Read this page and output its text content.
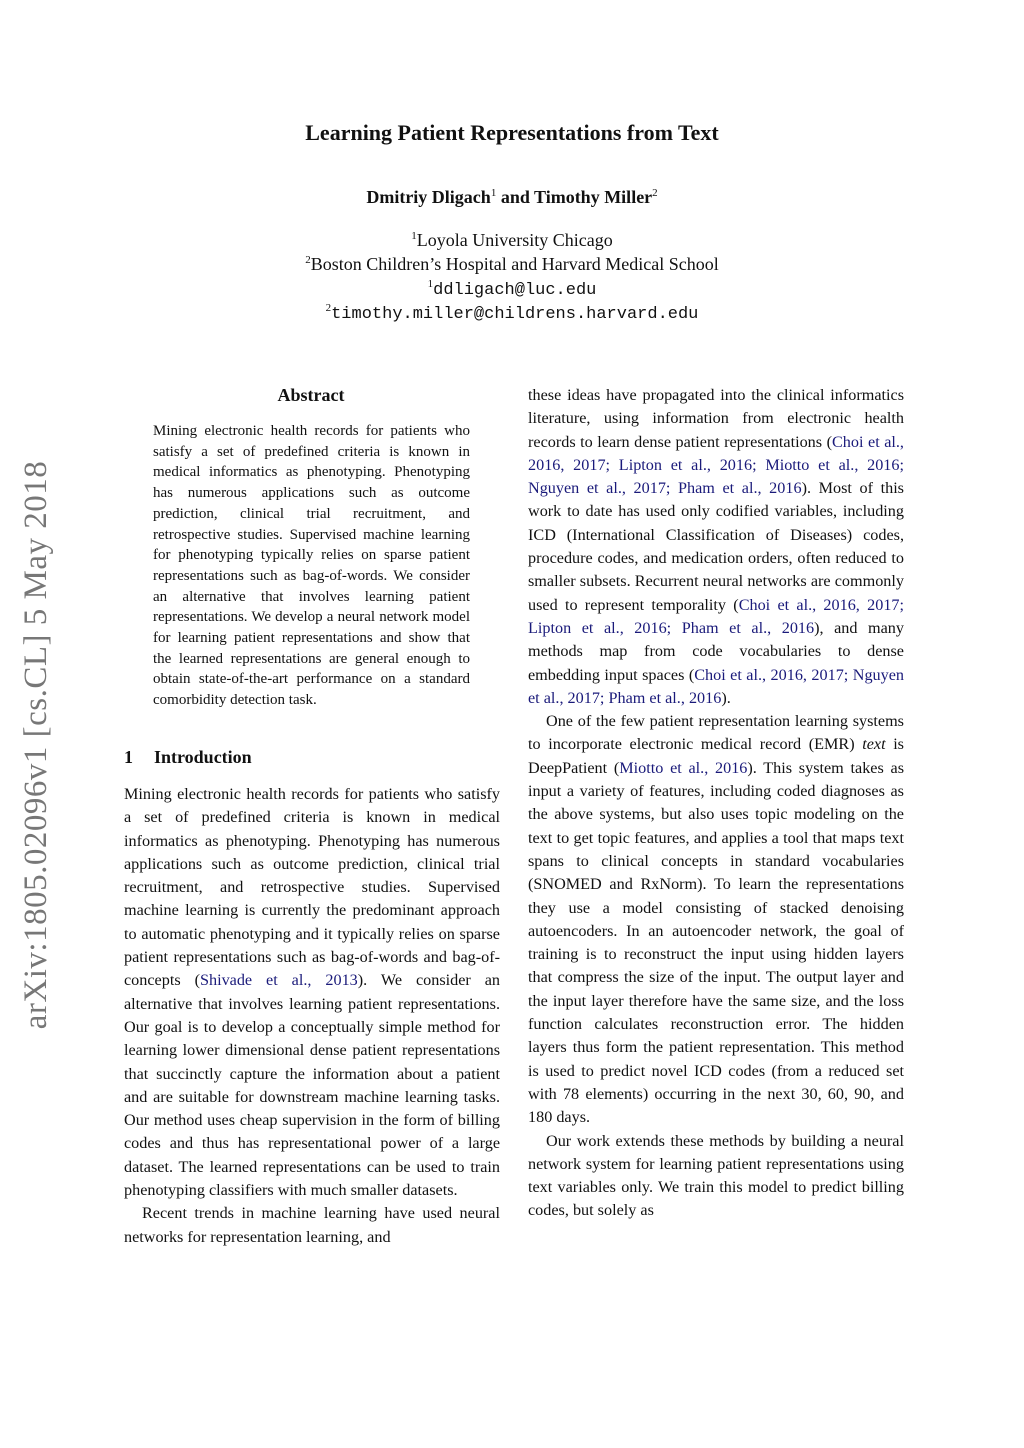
arXiv:1805.02096v1 [cs.CL] 5 May 2018
Learning Patient Representations from Text
Dmitriy Dligach$^1$ and Timothy Miller$^2$
$^1$Loyola University Chicago
$^2$Boston Children’s Hospital and Harvard Medical School
$^1$ddligach@luc.edu
$^2$timothy.miller@childrens.harvard.edu
Abstract

Mining electronic health records for patients who satisfy a set of predefined criteria is known in medical informatics as phenotyping. Phenotyping has numerous applications such as outcome prediction, clinical trial recruitment, and retrospective studies. Supervised machine learning for phenotyping typically relies on sparse patient representations such as bag-of-words. We consider an alternative that involves learning patient representations. We develop a neural network model for learning patient representations and show that the learned representations are general enough to obtain state-of-the-art performance on a standard comorbidity detection task.

1 Introduction

Mining electronic health records for patients who satisfy a set of predefined criteria is known in medical informatics as phenotyping. Phenotyping has numerous applications such as outcome prediction, clinical trial recruitment, and retrospective studies. Supervised machine learning is currently the predominant approach to automatic phenotyping and it typically relies on sparse patient representations such as bag-of-words and bag-of-concepts (Shivade et al., 2013). We consider an alternative that involves learning patient representations. Our goal is to develop a conceptually simple method for learning lower dimensional dense patient representations that succinctly capture the information about a patient and are suitable for downstream machine learning tasks. Our method uses cheap supervision in the form of billing codes and thus has representational power of a large dataset. The learned representations can be used to train phenotyping classifiers with much smaller datasets.

Recent trends in machine learning have used neural networks for representation learning, and

these ideas have propagated into the clinical informatics literature, using information from electronic health records to learn dense patient representations (Choi et al., 2016, 2017; Lipton et al., 2016; Miotto et al., 2016; Nguyen et al., 2017; Pham et al., 2016). Most of this work to date has used only codified variables, including ICD (International Classification of Diseases) codes, procedure codes, and medication orders, often reduced to smaller subsets. Recurrent neural networks are commonly used to represent temporality (Choi et al., 2016, 2017; Lipton et al., 2016; Pham et al., 2016), and many methods map from code vocabularies to dense embedding input spaces (Choi et al., 2016, 2017; Nguyen et al., 2017; Pham et al., 2016).

One of the few patient representation learning systems to incorporate electronic medical record (EMR) text is DeepPatient (Miotto et al., 2016). This system takes as input a variety of features, including coded diagnoses as the above systems, but also uses topic modeling on the text to get topic features, and applies a tool that maps text spans to clinical concepts in standard vocabularies (SNOMED and RxNorm). To learn the representations they use a model consisting of stacked denoising autoencoders. In an autoencoder network, the goal of training is to reconstruct the input using hidden layers that compress the size of the input. The output layer and the input layer therefore have the same size, and the loss function calculates reconstruction error. The hidden layers thus form the patient representation. This method is used to predict novel ICD codes (from a reduced set with 78 elements) occurring in the next 30, 60, 90, and 180 days.

Our work extends these methods by building a neural network system for learning patient representations using text variables only. We train this model to predict billing codes, but solely as
